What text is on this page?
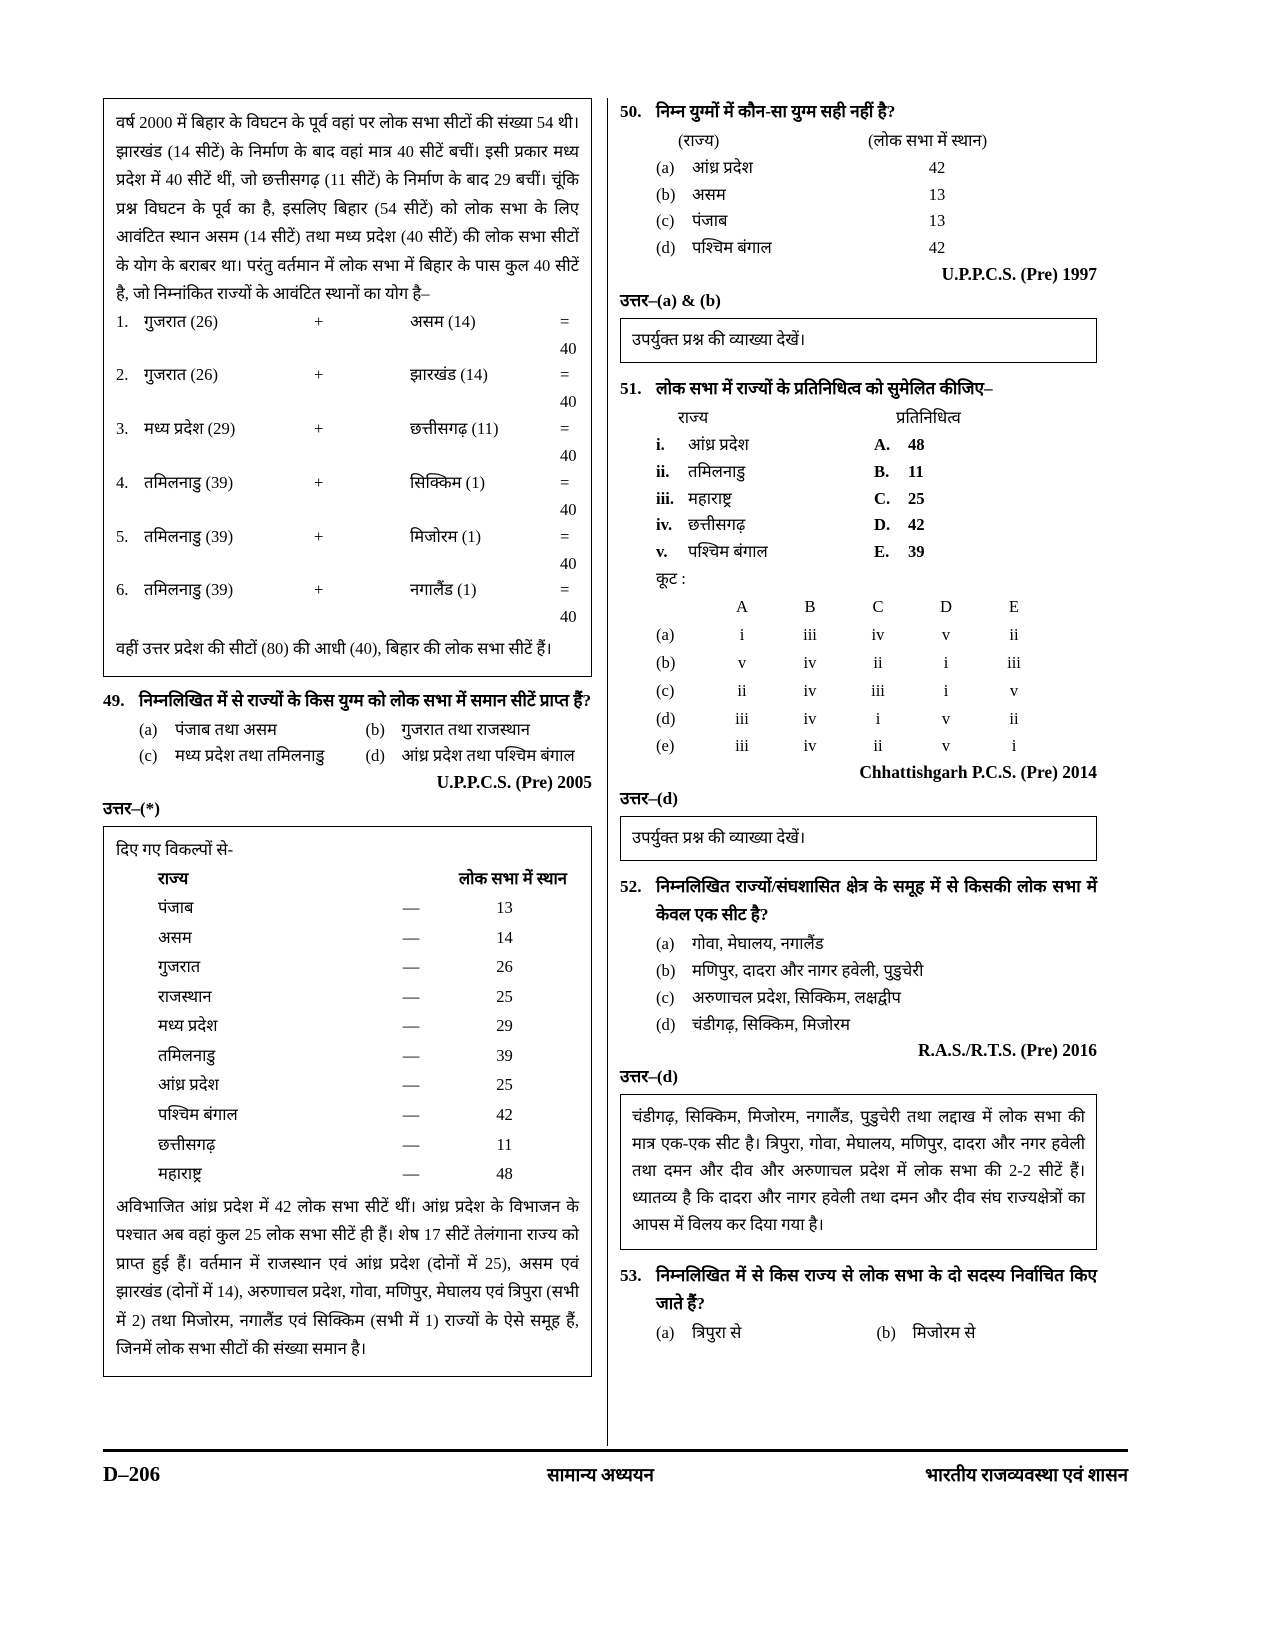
वर्ष 2000 में बिहार के विघटन के पूर्व वहां पर लोक सभा सीटों की संख्या 54 थी। झारखंड (14 सीटें) के निर्माण के बाद वहां मात्र 40 सीटें बचीं। इसी प्रकार मध्य प्रदेश में 40 सीटें थीं, जो छत्तीसगढ़ (11 सीटें) के निर्माण के बाद 29 बचीं। चूंकि प्रश्न विघटन के पूर्व का है, इसलिए बिहार (54 सीटें) को लोक सभा के लिए आवंटित स्थान असम (14 सीटें) तथा मध्य प्रदेश (40 सीटें) की लोक सभा सीटों के योग के बराबर था। परंतु वर्तमान में लोक सभा में बिहार के पास कुल 40 सीटें है, जो निम्नांकित राज्यों के आवंटित स्थानों का योग है–
1. गुजरात (26)	+	असम (14)	= 40
2. गुजरात (26)	+	झारखंड (14)	= 40
3. मध्य प्रदेश (29)	+	छत्तीसगढ़ (11)	= 40
4. तमिलनाडु (39)	+	सिक्किम (1)	= 40
5. तमिलनाडु (39)	+	मिजोरम (1)	= 40
6. तमिलनाडु (39)	+	नगालैंड (1)	= 40
वहीं उत्तर प्रदेश की सीटों (80) की आधी (40), बिहार की लोक सभा सीटें हैं।
49. निम्नलिखित में से राज्यों के किस युग्म को लोक सभा में समान सीटें प्राप्त हैं?
(a)	पंजाब तथा असम	(b)	गुजरात तथा राजस्थान
(c)	मध्य प्रदेश तथा तमिलनाडु	(d)	आंध्र प्रदेश तथा पश्चिम बंगाल
U.P.P.C.S. (Pre) 2005
उत्तर–(*)
दिए गए विकल्पों से-
राज्य	लोक सभा में स्थान
पंजाब	—	13
असम	—	14
गुजरात	—	26
राजस्थान	—	25
मध्य प्रदेश	—	29
तमिलनाडु	—	39
आंध्र प्रदेश	—	25
पश्चिम बंगाल	—	42
छत्तीसगढ़	—	11
महाराष्ट्र	—	48
अविभाजित आंध्र प्रदेश में 42 लोक सभा सीटें थीं। आंध्र प्रदेश के विभाजन के पश्चात अब वहां कुल 25 लोक सभा सीटें ही हैं। शेष 17 सीटें तेलंगाना राज्य को प्राप्त हुई हैं। वर्तमान में राजस्थान एवं आंध्र प्रदेश (दोनों में 25), असम एवं झारखंड (दोनों में 14), अरुणाचल प्रदेश, गोवा, मणिपुर, मेघालय एवं त्रिपुरा (सभी में 2) तथा मिजोरम, नगालैंड एवं सिक्किम (सभी में 1) राज्यों के ऐसे समूह हैं, जिनमें लोक सभा सीटों की संख्या समान है।
50. निम्न युग्मों में कौन-सा युग्म सही नहीं है?
(राज्य)	(लोक सभा में स्थान)
(a)	आंध्र प्रदेश	42
(b)	असम	13
(c)	पंजाब	13
(d)	पश्चिम बंगाल	42
U.P.P.C.S. (Pre) 1997
उत्तर–(a) & (b)

उपर्युक्त प्रश्न की व्याख्या देखें।

51. लोक सभा में राज्यों के प्रतिनिधित्व को सुमेलित कीजिए–
राज्य	प्रतिनिधित्व
i.	आंध्र प्रदेश	A.	48
ii.	तमिलनाडु	B.	11
iii. महाराष्ट्र	C.	25
iv. छत्तीसगढ़	D.	42
v.	पश्चिम बंगाल	E.	39
कूट :
A	B	C	D	E
(a)	i	iii	iv	v	ii
(b)	v	iv	ii	i	iii
(c)	ii	iv	iii	i	v
(d)	iii	iv	i	v	ii
(e)	iii	iv	ii	v	i
Chhattishgarh P.C.S. (Pre) 2014
उत्तर–(d)

उपर्युक्त प्रश्न की व्याख्या देखें।

52. निम्नलिखित राज्यों/संघशासित क्षेत्र के समूह में से किसकी लोक सभा में केवल एक सीट है?
(a)	गोवा, मेघालय, नगालैंड
(b)	मणिपुर, दादरा और नागर हवेली, पुडुचेरी
(c)	अरुणाचल प्रदेश, सिक्किम, लक्षद्वीप
(d)	चंडीगढ़, सिक्किम, मिजोरम
R.A.S./R.T.S. (Pre) 2016
उत्तर–(d)

चंडीगढ़, सिक्किम, मिजोरम, नगालैंड, पुडुचेरी तथा लद्दाख में लोक सभा की मात्र एक-एक सीट है। त्रिपुरा, गोवा, मेघालय, मणिपुर, दादरा और नगर हवेली तथा दमन और दीव और अरुणाचल प्रदेश में लोक सभा की 2-2 सीटें हैं। ध्यातव्य है कि दादरा और नागर हवेली तथा दमन और दीव संघ राज्यक्षेत्रों का आपस में विलय कर दिया गया है।

53. निम्नलिखित में से किस राज्य से लोक सभा के दो सदस्य निर्वाचित किए जाते हैं?
(a)	त्रिपुरा से	(b)	मिजोरम से
D–206	सामान्य अध्ययन	भारतीय राजव्यवस्था एवं शासन
